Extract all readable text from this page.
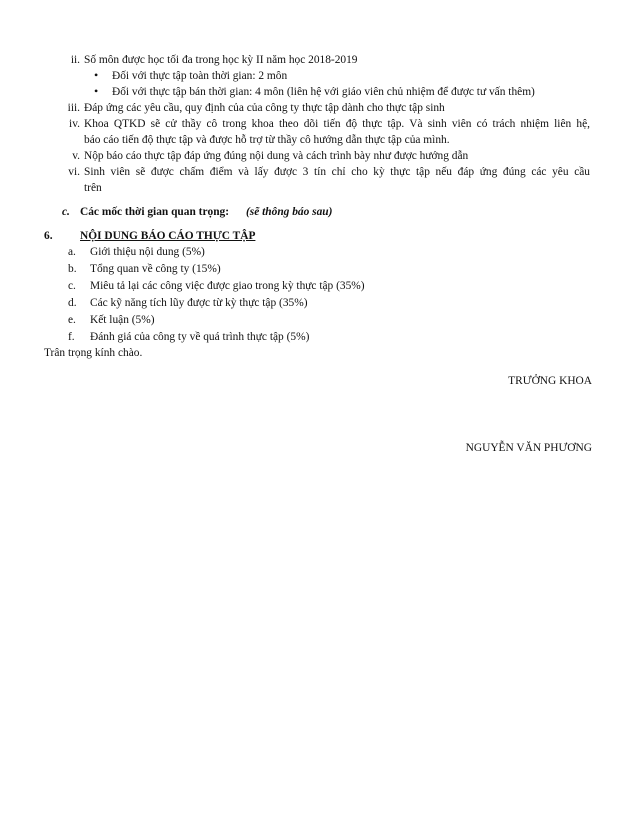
ii. Số môn được học tối đa trong học kỳ II năm học 2018-2019
• Đối với thực tập toàn thời gian: 2 môn
• Đối với thực tập bán thời gian: 4 môn (liên hệ với giáo viên chủ nhiệm để được tư vấn thêm)
iii. Đáp ứng các yêu cầu, quy định của của công ty thực tập dành cho thực tập sinh
iv. Khoa QTKD sẽ cử thầy cô trong khoa theo dõi tiến độ thực tập. Và sinh viên có trách nhiệm liên hệ,
báo cáo tiến độ thực tập và được hỗ trợ từ thầy cô hướng dẫn thực tập của mình.
v. Nộp báo cáo thực tập đáp ứng đúng nội dung và cách trình bày như được hướng dẫn
vi. Sinh viên sẽ được chấm điểm và lấy được 3 tín chỉ cho kỳ thực tập nếu đáp ứng đúng các yêu cầu
trên
c. Các mốc thời gian quan trọng: (sẽ thông báo sau)
6. NỘI DUNG BÁO CÁO THỰC TẬP
a. Giới thiệu nội dung (5%)
b. Tổng quan về công ty (15%)
c. Miêu tả lại các công việc được giao trong kỳ thực tập (35%)
d. Các kỹ năng tích lũy được từ kỳ thực tập (35%)
e. Kết luận (5%)
f. Đánh giá của công ty về quá trình thực tập (5%)
Trân trọng kính chào.
TRƯỞNG KHOA
NGUYỄN VĂN PHƯƠNG
